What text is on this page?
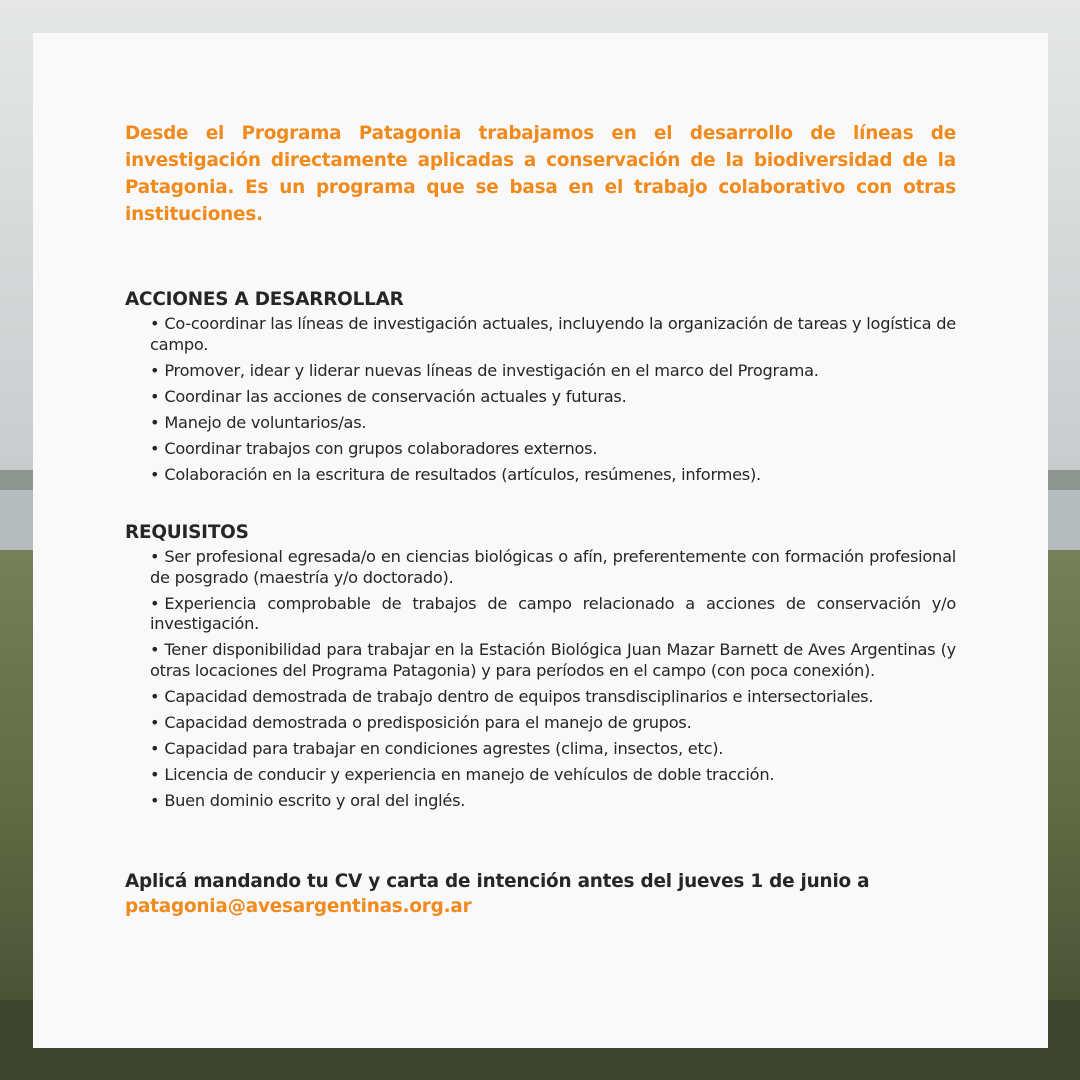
Desde el Programa Patagonia trabajamos en el desarrollo de líneas de investigación directamente aplicadas a conservación de la biodiversidad de la Patagonia. Es un programa que se basa en el trabajo colaborativo con otras instituciones.

ACCIONES A DESARROLLAR
• Co-coordinar las líneas de investigación actuales, incluyendo la organización de tareas y logística de campo.
• Promover, idear y liderar nuevas líneas de investigación en el marco del Programa.
• Coordinar las acciones de conservación actuales y futuras.
• Manejo de voluntarios/as.
• Coordinar trabajos con grupos colaboradores externos.
• Colaboración en la escritura de resultados (artículos, resúmenes, informes).
REQUISITOS
• Ser profesional egresada/o en ciencias biológicas o afín, preferentemente con formación profesional de posgrado (maestría y/o doctorado).
• Experiencia comprobable de trabajos de campo relacionado a acciones de conservación y/o investigación.
• Tener disponibilidad para trabajar en la Estación Biológica Juan Mazar Barnett de Aves Argentinas (y otras locaciones del Programa Patagonia) y para períodos en el campo (con poca conexión).
• Capacidad demostrada de trabajo dentro de equipos transdisciplinarios e intersectoriales.
• Capacidad demostrada o predisposición para el manejo de grupos.
• Capacidad para trabajar en condiciones agrestes (clima, insectos, etc).
• Licencia de conducir y experiencia en manejo de vehículos de doble tracción.
• Buen dominio escrito y oral del inglés.
Aplicá mandando tu CV y carta de intención antes del jueves 1 de junio a
patagonia@avesargentinas.org.ar
